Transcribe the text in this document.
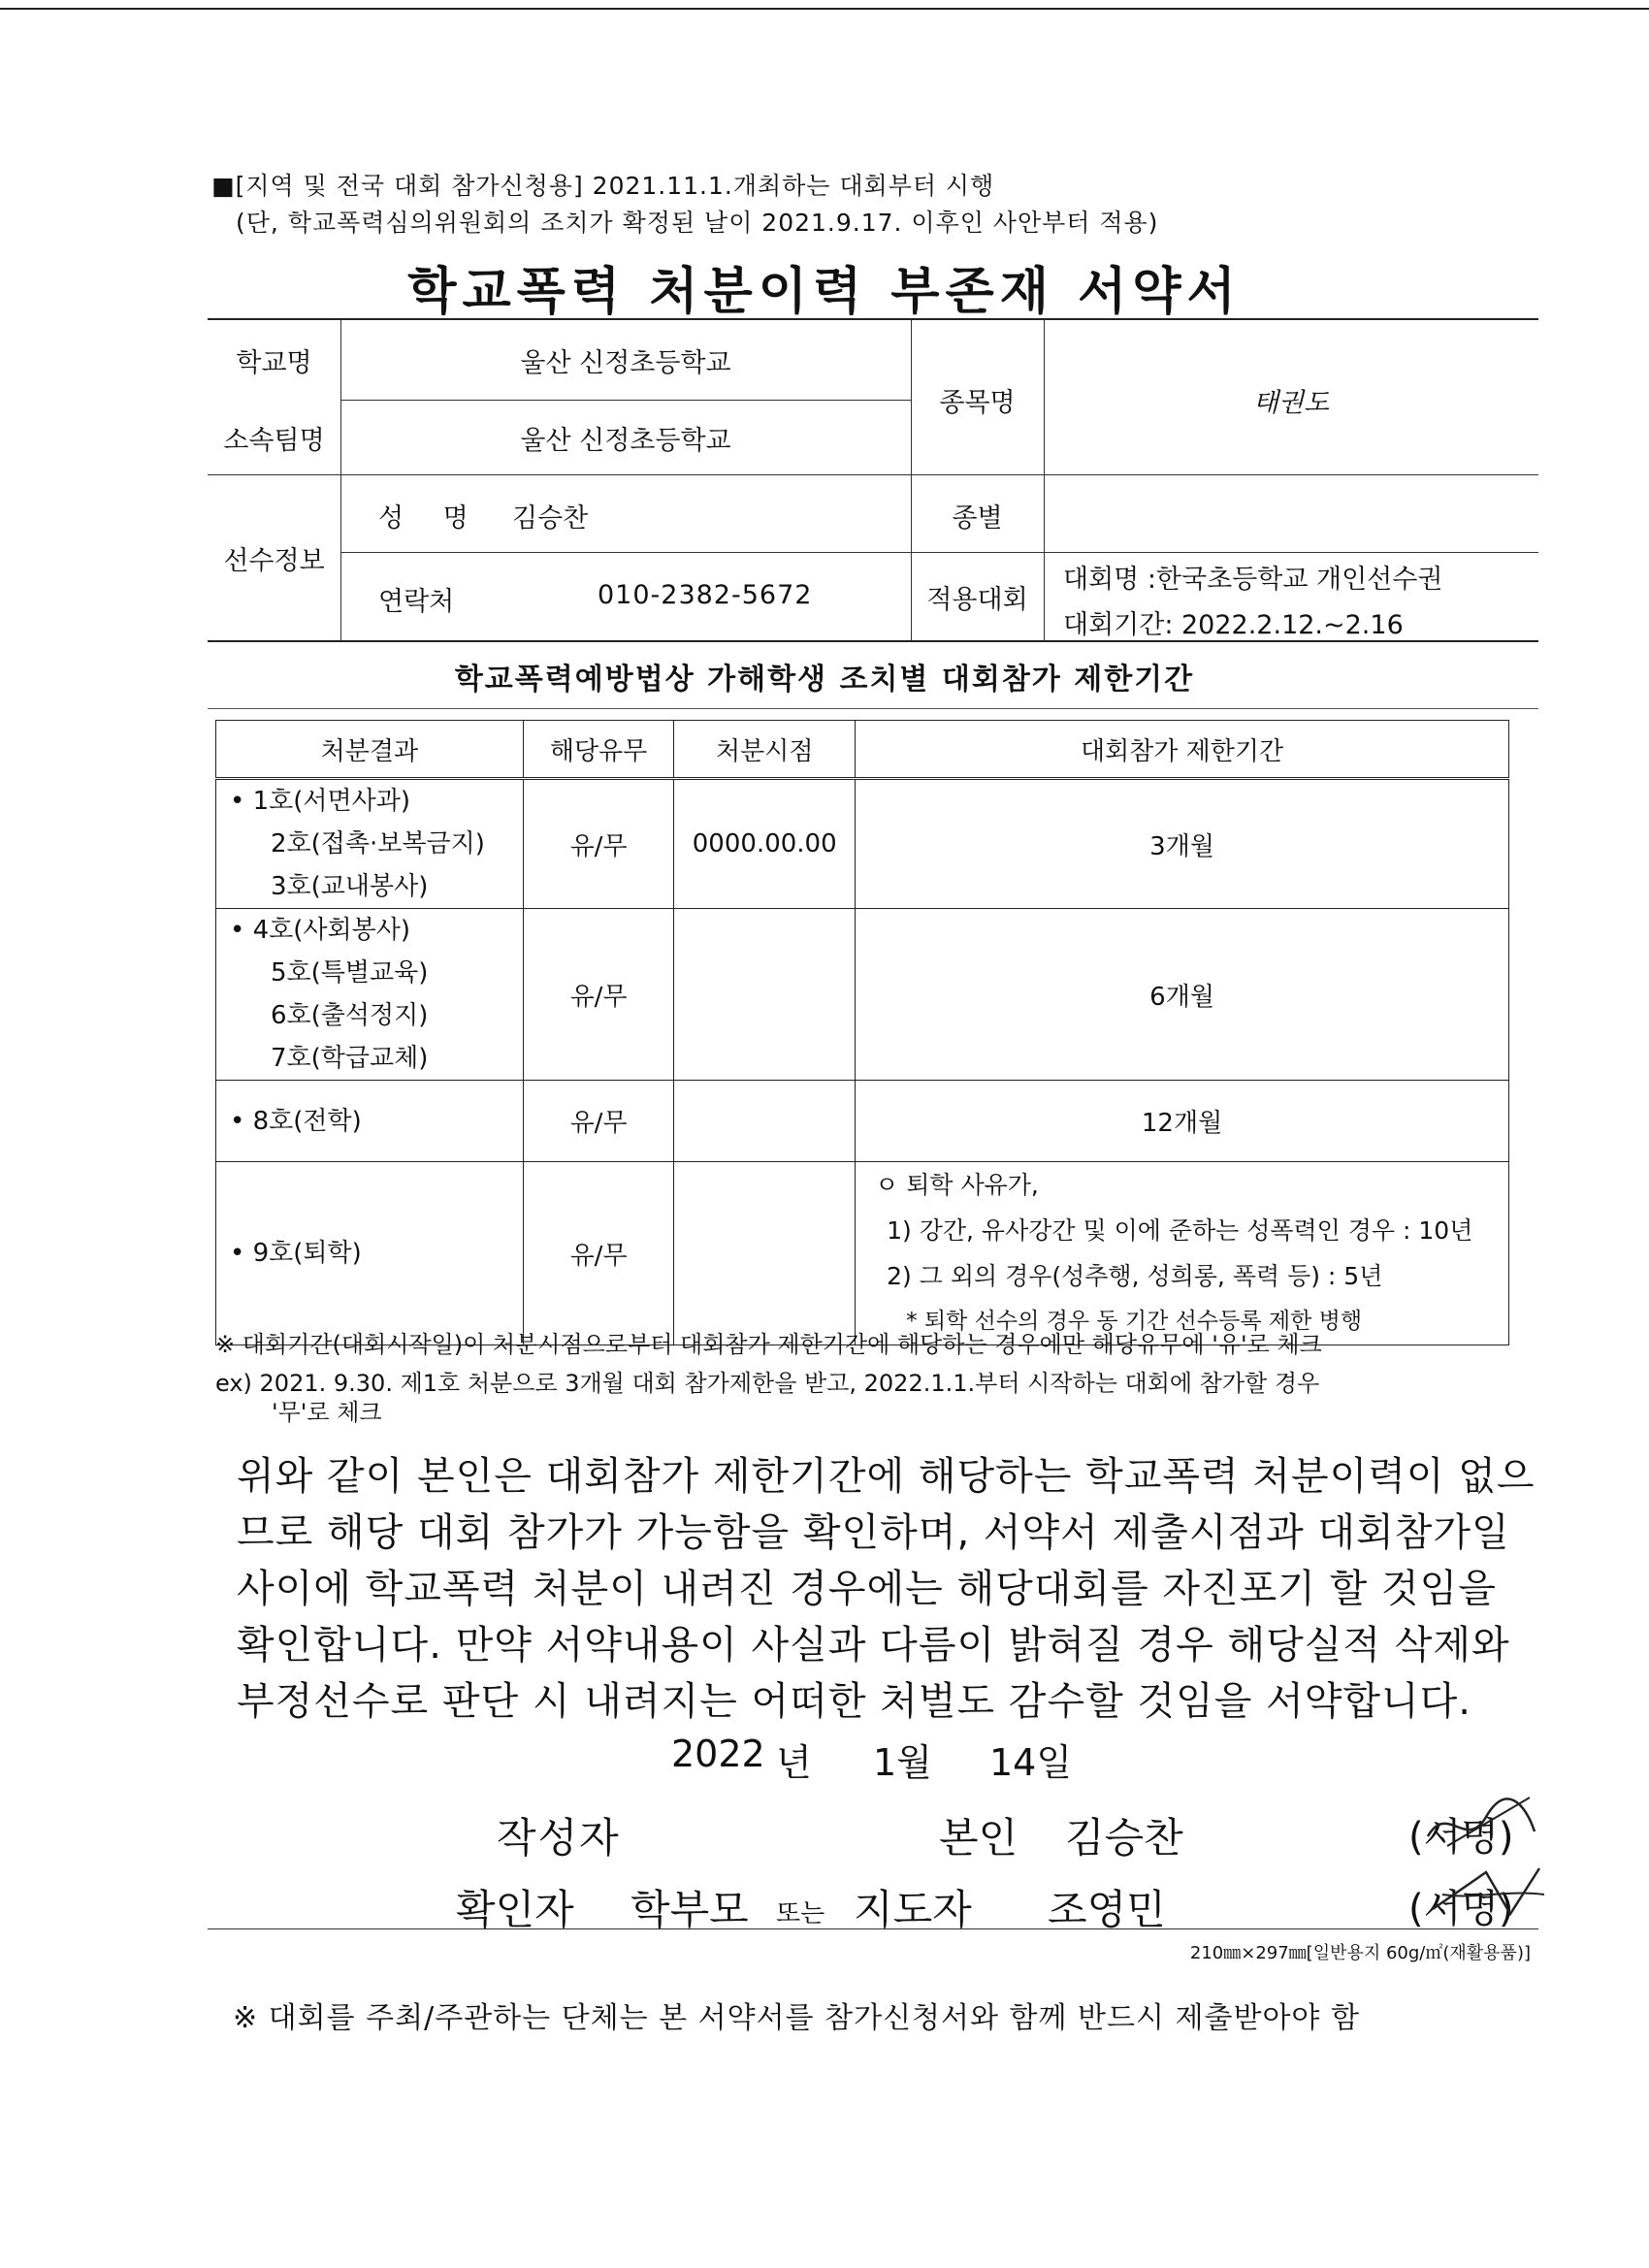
■[지역 및 전국 대회 참가신청용] 2021.11.1.개최하는 대회부터 시행
(단, 학교폭력심의위원회의 조치가 확정된 날이 2021.9.17. 이후인 사안부터 적용)
학교폭력 처분이력 부존재 서약서
학교명	울산 신정초등학교
소속팀명	울산 신정초등학교
종목명	태권도
선수정보
성 명 김승찬	종별
연락처	010-2382-5672	적용대회
대회명 :한국초등학교 개인선수권
대회기간: 2022.2.12.~2.16
학교폭력예방법상 가해학생 조치별 대회참가 제한기간
처분결과	해당유무	처분시점	대회참가 제한기간

• 1호(서면사과)
2호(접촉·보복금지)
3호(교내봉사)	유/무	0000.00.00	3개월

• 4호(사회봉사)
5호(특별교육)
6호(출석정지)
7호(학급교체)	유/무		6개월

• 8호(전학)	유/무		12개월

• 9호(퇴학)	유/무		ㅇ 퇴학 사유가,
1) 강간, 유사강간 및 이에 준하는 성폭력인 경우 : 10년
2) 그 외의 경우(성추행, 성희롱, 폭력 등) : 5년
* 퇴학 선수의 경우 동 기간 선수등록 제한 병행
※ 대회기간(대회시작일)이 처분시점으로부터 대회참가 제한기간에 해당하는 경우에만 해당유무에 '유'로 체크
ex) 2021. 9.30. 제1호 처분으로 3개월 대회 참가제한을 받고, 2022.1.1.부터 시작하는 대회에 참가할 경우
'무'로 체크
위와 같이 본인은 대회참가 제한기간에 해당하는 학교폭력 처분이력이 없으
므로 해당 대회 참가가 가능함을 확인하며, 서약서 제출시점과 대회참가일
사이에 학교폭력 처분이 내려진 경우에는 해당대회를 자진포기 할 것임을
확인합니다. 만약 서약내용이 사실과 다름이 밝혀질 경우 해당실적 삭제와
부정선수로 판단 시 내려지는 어떠한 처벌도 감수할 것임을 서약합니다.
2022 년 1월 14일
작성자	본인 김승찬	(서명)
확인자 학부모 또는 지도자 조영민	(서명)
210㎜×297㎜[일반용지 60g/㎡(재활용품)]
※ 대회를 주최/주관하는 단체는 본 서약서를 참가신청서와 함께 반드시 제출받아야 함
